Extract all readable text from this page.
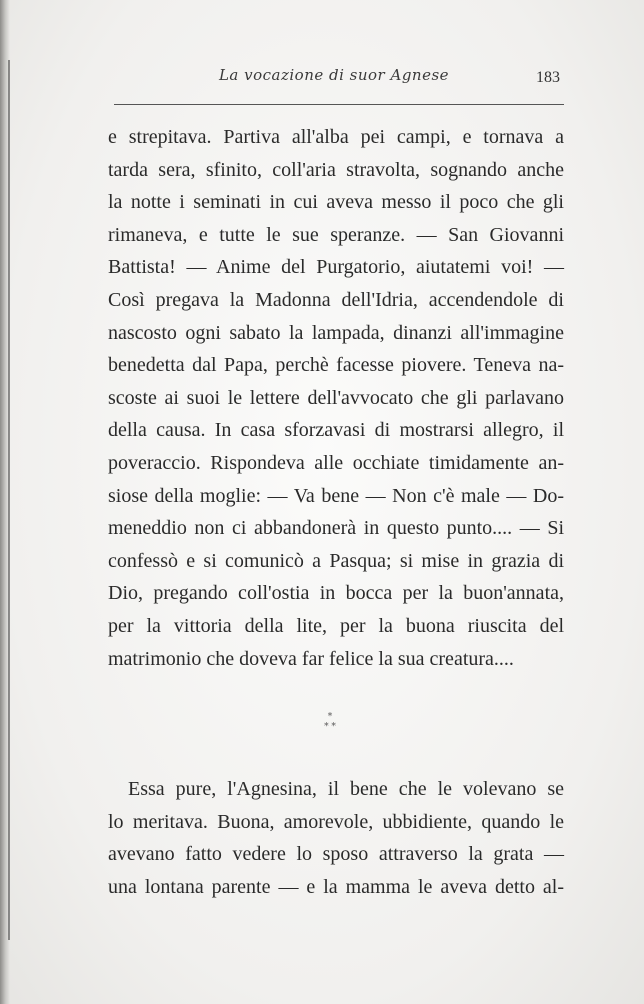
La vocazione di suor Agnese	183

e strepitava. Partiva all'alba pei campi, e tornava a
tarda sera, sfinito, coll'aria stravolta, sognando anche
la notte i seminati in cui aveva messo il poco che gli
rimaneva, e tutte le sue speranze. — San Giovanni
Battista! — Anime del Purgatorio, aiutatemi voi! —
Così pregava la Madonna dell'Idria, accendendole di
nascosto ogni sabato la lampada, dinanzi all'immagine
benedetta dal Papa, perchè facesse piovere. Teneva na-
scoste ai suoi le lettere dell'avvocato che gli parlavano
della causa. In casa sforzavasi di mostrarsi allegro, il
poveraccio. Rispondeva alle occhiate timidamente an-
siose della moglie: — Va bene — Non c'è male — Do-
meneddio non ci abbandonerà in questo punto.... — Si
confessò e si comunicò a Pasqua; si mise in grazia di
Dio, pregando coll'ostia in bocca per la buon'annata,
per la vittoria della lite, per la buona riuscita del
matrimonio che doveva far felice la sua creatura....

*
* *

Essa pure, l'Agnesina, il bene che le volevano se
lo meritava. Buona, amorevole, ubbidiente, quando le
avevano fatto vedere lo sposo attraverso la grata —
una lontana parente — e la mamma le aveva detto al-
